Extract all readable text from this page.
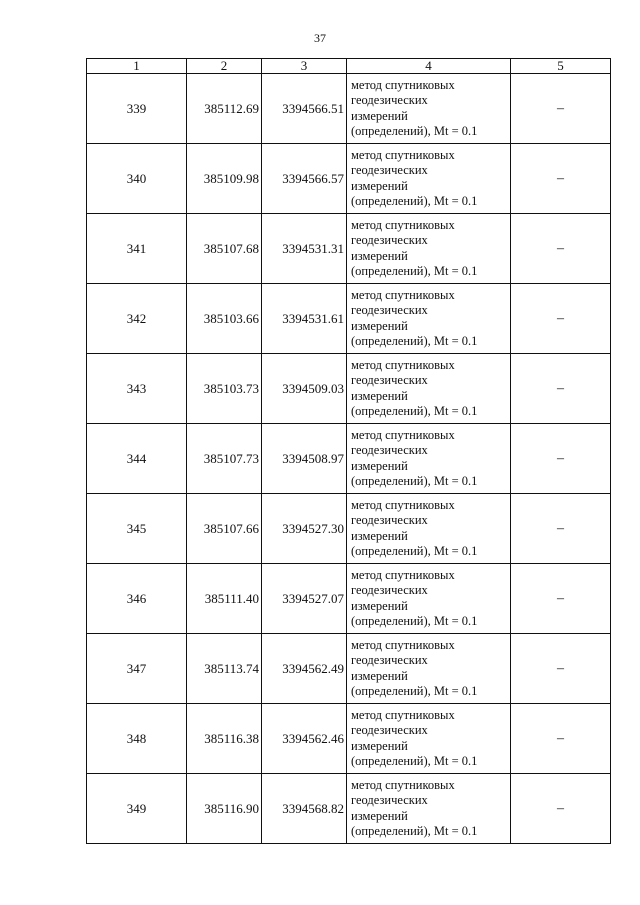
37
1	2	3	4	5
339	385112.69	3394566.51	метод спутниковых
геодезических
измерений
(определений), Mt = 0.1	–
340	385109.98	3394566.57	метод спутниковых
геодезических
измерений
(определений), Mt = 0.1	–
341	385107.68	3394531.31	метод спутниковых
геодезических
измерений
(определений), Mt = 0.1	–
342	385103.66	3394531.61	метод спутниковых
геодезических
измерений
(определений), Mt = 0.1	–
343	385103.73	3394509.03	метод спутниковых
геодезических
измерений
(определений), Mt = 0.1	–
344	385107.73	3394508.97	метод спутниковых
геодезических
измерений
(определений), Mt = 0.1	–
345	385107.66	3394527.30	метод спутниковых
геодезических
измерений
(определений), Mt = 0.1	–
346	385111.40	3394527.07	метод спутниковых
геодезических
измерений
(определений), Mt = 0.1	–
347	385113.74	3394562.49	метод спутниковых
геодезических
измерений
(определений), Mt = 0.1	–
348	385116.38	3394562.46	метод спутниковых
геодезических
измерений
(определений), Mt = 0.1	–
349	385116.90	3394568.82	метод спутниковых
геодезических
измерений
(определений), Mt = 0.1	–
